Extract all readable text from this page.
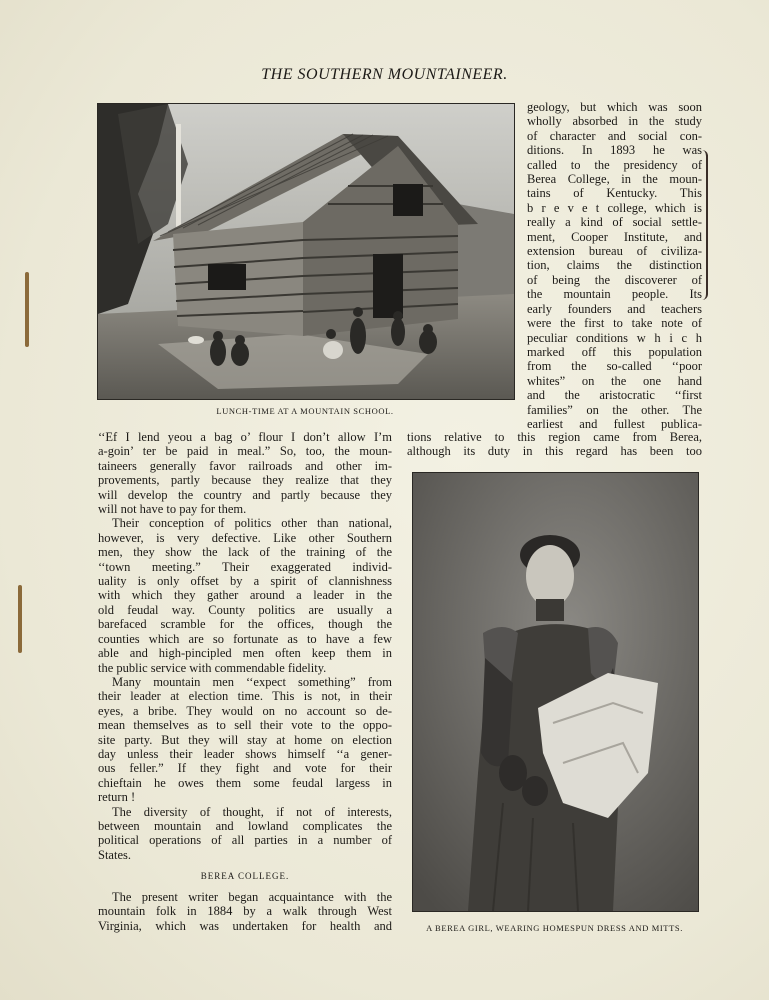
THE SOUTHERN MOUNTAINEER.
LUNCH-TIME AT A MOUNTAIN SCHOOL.

geology, but which was soon

wholly absorbed in the study

of character and social con-

ditions. In 1893 he was

called to the presidency of

Berea College, in the moun-

tains of Kentucky. This

b r e v e t college, which is

really a kind of social settle-

ment, Cooper Institute, and

extension bureau of civiliza-

tion, claims the distinction

of being the discoverer of

the mountain people. Its

early founders and teachers

were the first to take note of

peculiar conditions w h i c h

marked off this population

from the so-called ‘‘poor

whites” on the one hand

and the aristocratic ‘‘first

families” on the other. The

earliest and fullest publica-

tions relative to this region came from Berea,

although its duty in this regard has been too

‘‘Ef I lend yeou a bag o’ flour I don’t allow I’m

a-goin’ ter be paid in meal.” So, too, the moun-

taineers generally favor railroads and other im-

provements, partly because they realize that they

will develop the country and partly because they

will not have to pay for them.

Their conception of politics other than national,

however, is very defective. Like other Southern

men, they show the lack of the training of the

‘‘town meeting.” Their exaggerated individ-

uality is only offset by a spirit of clannishness

with which they gather around a leader in the

old feudal way. County politics are usually a

barefaced scramble for the offices, though the

counties which are so fortunate as to have a few

able and high-pincipled men often keep them in

the public service with commendable fidelity.

Many mountain men ‘‘expect something” from

their leader at election time. This is not, in their

eyes, a bribe. They would on no account so de-

mean themselves as to sell their vote to the oppo-

site party. But they will stay at home on election

day unless their leader shows himself ‘‘a gener-

ous feller.” If they fight and vote for their

chieftain he owes them some feudal largess in

return !

The diversity of thought, if not of interests,

between mountain and lowland complicates the

political operations of all parties in a number of

States.

BEREA COLLEGE.

The present writer began acquaintance with the

mountain folk in 1884 by a walk through West

Virginia, which was undertaken for health and	A BEREA GIRL, WEARING HOMESPUN DRESS AND MITTS.
